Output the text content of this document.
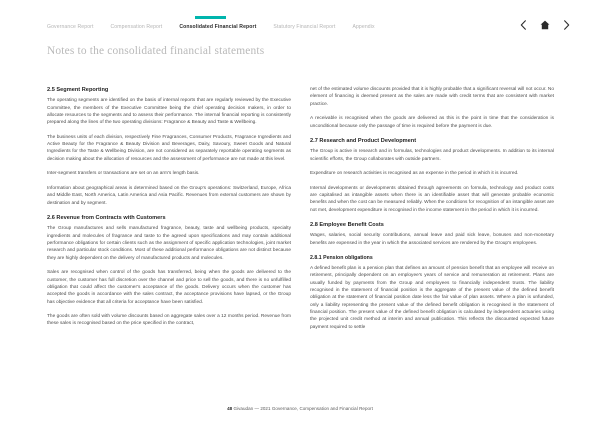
Governance Report	Compensation Report	Consolidated Financial Report	Statutory Financial Report	Appendix
Notes to the consolidated financial statements
2.5 Segment Reporting

The operating segments are identified on the basis of internal reports that are regularly reviewed by the Executive Committee, the members of the Executive Committee being the chief operating decision makers, in order to allocate resources to the segments and to assess their performance. The internal financial reporting is consistently prepared along the lines of the two operating divisions: Fragrance & Beauty and Taste & Wellbeing.

The business units of each division, respectively Fine Fragrances, Consumer Products, Fragrance Ingredients and Active Beauty for the Fragrance & Beauty Division and Beverages, Dairy, Savoury, Sweet Goods and Natural Ingredients for the Taste & Wellbeing Division, are not considered as separately reportable operating segments as decision making about the allocation of resources and the assessment of performance are not made at this level.

Inter-segment transfers or transactions are set on an arm's length basis.

Information about geographical areas is determined based on the Group's operations: Switzerland, Europe, Africa and Middle East, North America, Latin America and Asia Pacific. Revenues from external customers are shown by destination and by segment.

2.6 Revenue from Contracts with Customers

The Group manufactures and sells manufactured fragrance, beauty, taste and wellbeing products, specialty ingredients and molecules of fragrance and taste to the agreed upon specifications and may contain additional performance obligations for certain clients such as the assignment of specific application technologies, joint market research and particular stock conditions. Most of these additional performance obligations are not distinct because they are highly dependent on the delivery of manufactured products and molecules.

Sales are recognised when control of the goods has transferred, being when the goods are delivered to the customer, the customer has full discretion over the channel and price to sell the goods, and there is no unfulfilled obligation that could affect the customer's acceptance of the goods. Delivery occurs when the customer has accepted the goods in accordance with the sales contract, the acceptance provisions have lapsed, or the Group has objective evidence that all criteria for acceptance have been satisfied.

The goods are often sold with volume discounts based on aggregate sales over a 12 months period. Revenue from these sales is recognised based on the price specified in the contract,

net of the estimated volume discounts provided that it is highly probable that a significant reversal will not occur. No element of financing is deemed present as the sales are made with credit terms that are consistent with market practice.

A receivable is recognised when the goods are delivered as this is the point in time that the consideration is unconditional because only the passage of time is required before the payment is due.

2.7 Research and Product Development

The Group is active in research and in formulas, technologies and product developments. In addition to its internal scientific efforts, the Group collaborates with outside partners.

Expenditure on research activities is recognised as an expense in the period in which it is incurred.

Internal developments or developments obtained through agreements on formula, technology and product costs are capitalised as intangible assets when there is an identifiable asset that will generate probable economic benefits and when the cost can be measured reliably. When the conditions for recognition of an intangible asset are not met, development expenditure is recognised in the income statement in the period in which it is incurred.

2.8 Employee Benefit Costs

Wages, salaries, social security contributions, annual leave and paid sick leave, bonuses and non-monetary benefits are expensed in the year in which the associated services are rendered by the Group's employees.

2.8.1 Pension obligations

A defined benefit plan is a pension plan that defines an amount of pension benefit that an employee will receive on retirement, principally dependent on an employee's years of service and remuneration at retirement. Plans are usually funded by payments from the Group and employees to financially independent trusts. The liability recognised in the statement of financial position is the aggregate of the present value of the defined benefit obligation at the statement of financial position date less the fair value of plan assets. Where a plan is unfunded, only a liability representing the present value of the defined benefit obligation is recognised in the statement of financial position. The present value of the defined benefit obligation is calculated by independent actuaries using the projected unit credit method at interim and annual publication. This reflects the discounted expected future payment required to settle

48 Givaudan — 2021 Governance, Compensation and Financial Report
